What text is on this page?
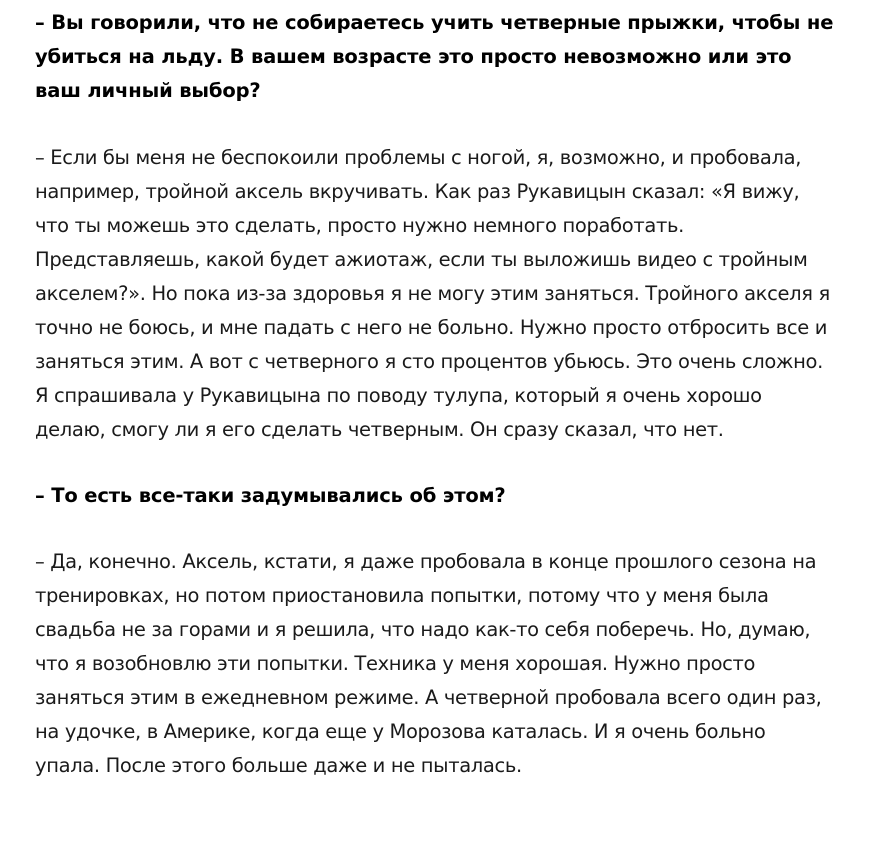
– Вы говорили, что не собираетесь учить четверные прыжки, чтобы не убиться на льду. В вашем возрасте это просто невозможно или это ваш личный выбор?

– Если бы меня не беспокоили проблемы с ногой, я, возможно, и пробовала, например, тройной аксель вкручивать. Как раз Рукавицын сказал: «Я вижу, что ты можешь это сделать, просто нужно немного поработать. Представляешь, какой будет ажиотаж, если ты выложишь видео с тройным акселем?». Но пока из-за здоровья я не могу этим заняться. Тройного акселя я точно не боюсь, и мне падать с него не больно. Нужно просто отбросить все и заняться этим. А вот с четверного я сто процентов убьюсь. Это очень сложно. Я спрашивала у Рукавицына по поводу тулупа, который я очень хорошо делаю, смогу ли я его сделать четверным. Он сразу сказал, что нет.

– То есть все-таки задумывались об этом?

– Да, конечно. Аксель, кстати, я даже пробовала в конце прошлого сезона на тренировках, но потом приостановила попытки, потому что у меня была свадьба не за горами и я решила, что надо как-то себя поберечь. Но, думаю, что я возобновлю эти попытки. Техника у меня хорошая. Нужно просто заняться этим в ежедневном режиме. А четверной пробовала всего один раз, на удочке, в Америке, когда еще у Морозова каталась. И я очень больно упала. После этого больше даже и не пыталась.
